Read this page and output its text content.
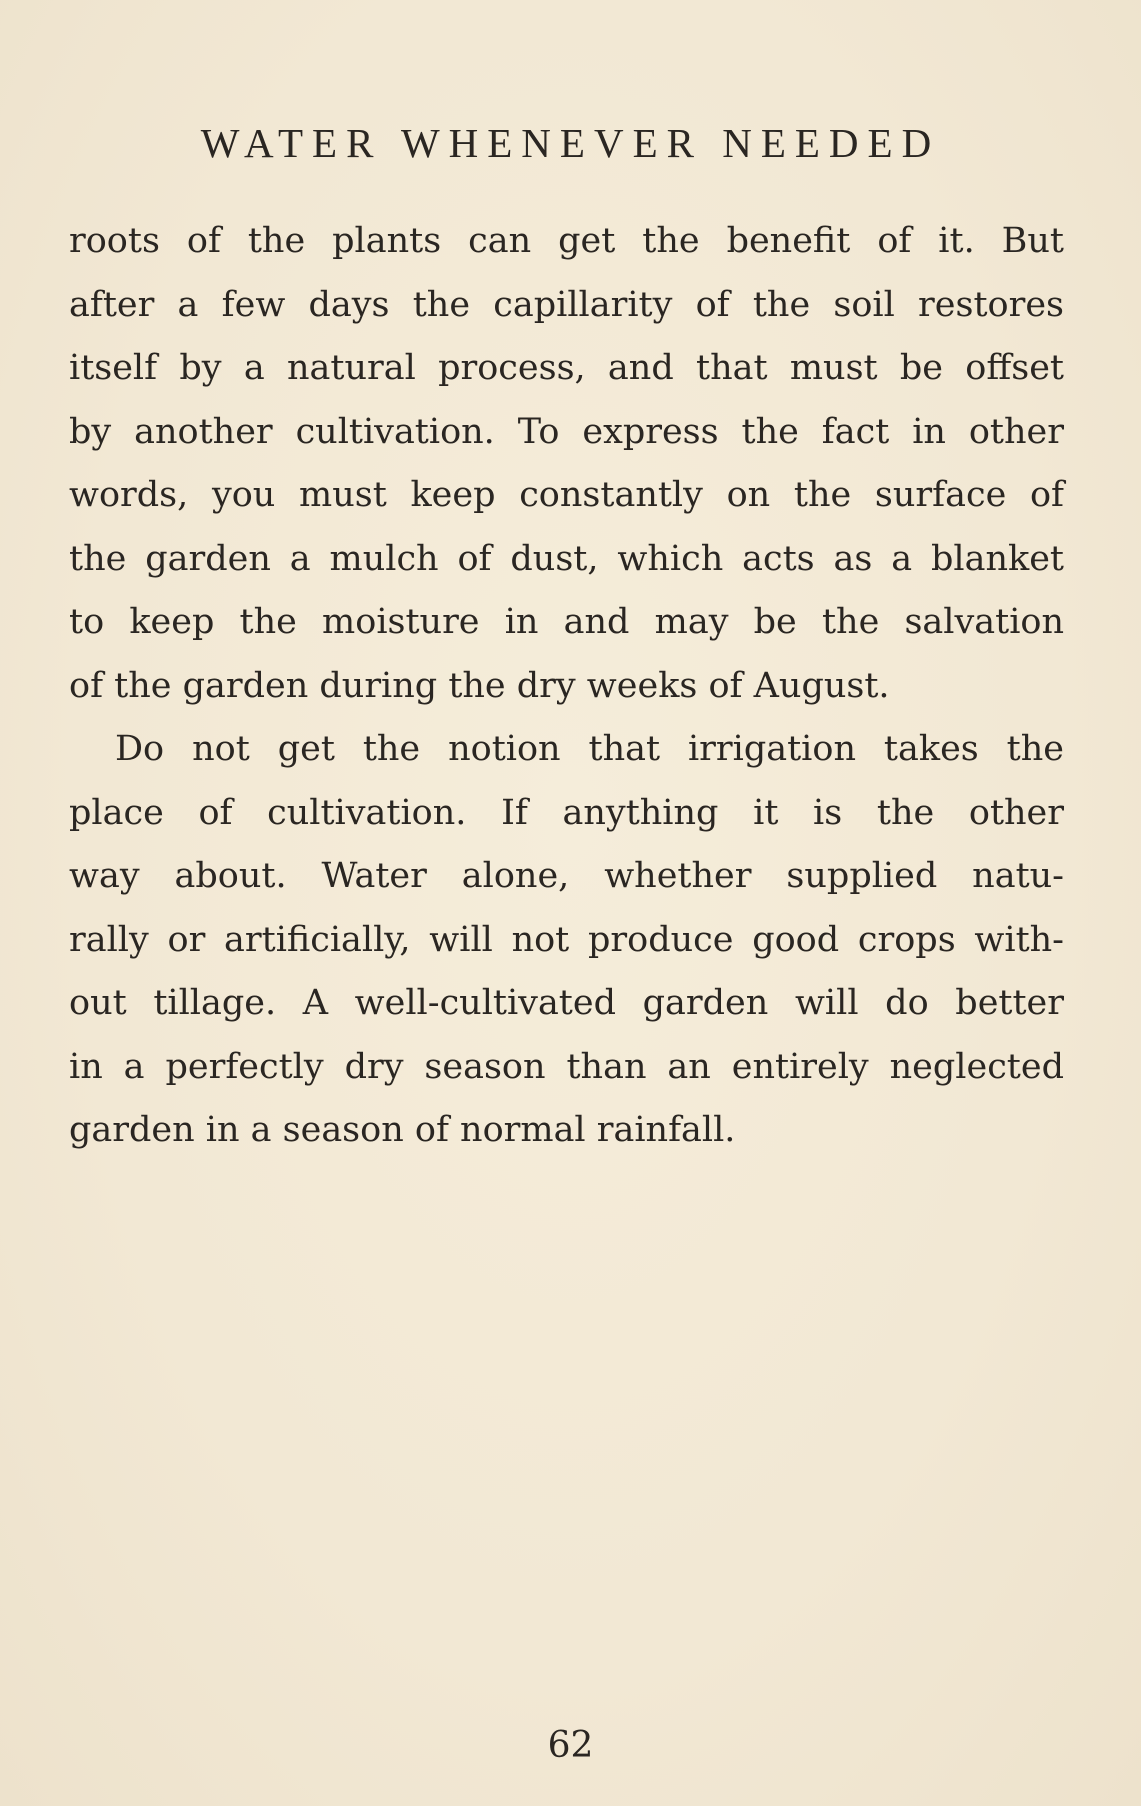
WATER WHENEVER NEEDED
roots of the plants can get the benefit of it. But
after a few days the capillarity of the soil restores
itself by a natural process, and that must be offset
by another cultivation. To express the fact in other
words, you must keep constantly on the surface of
the garden a mulch of dust, which acts as a blanket
to keep the moisture in and may be the salvation
of the garden during the dry weeks of August.
Do not get the notion that irrigation takes the
place of cultivation. If anything it is the other
way about. Water alone, whether supplied natu-
rally or artificially, will not produce good crops with-
out tillage. A well-cultivated garden will do better
in a perfectly dry season than an entirely neglected
garden in a season of normal rainfall.
62
